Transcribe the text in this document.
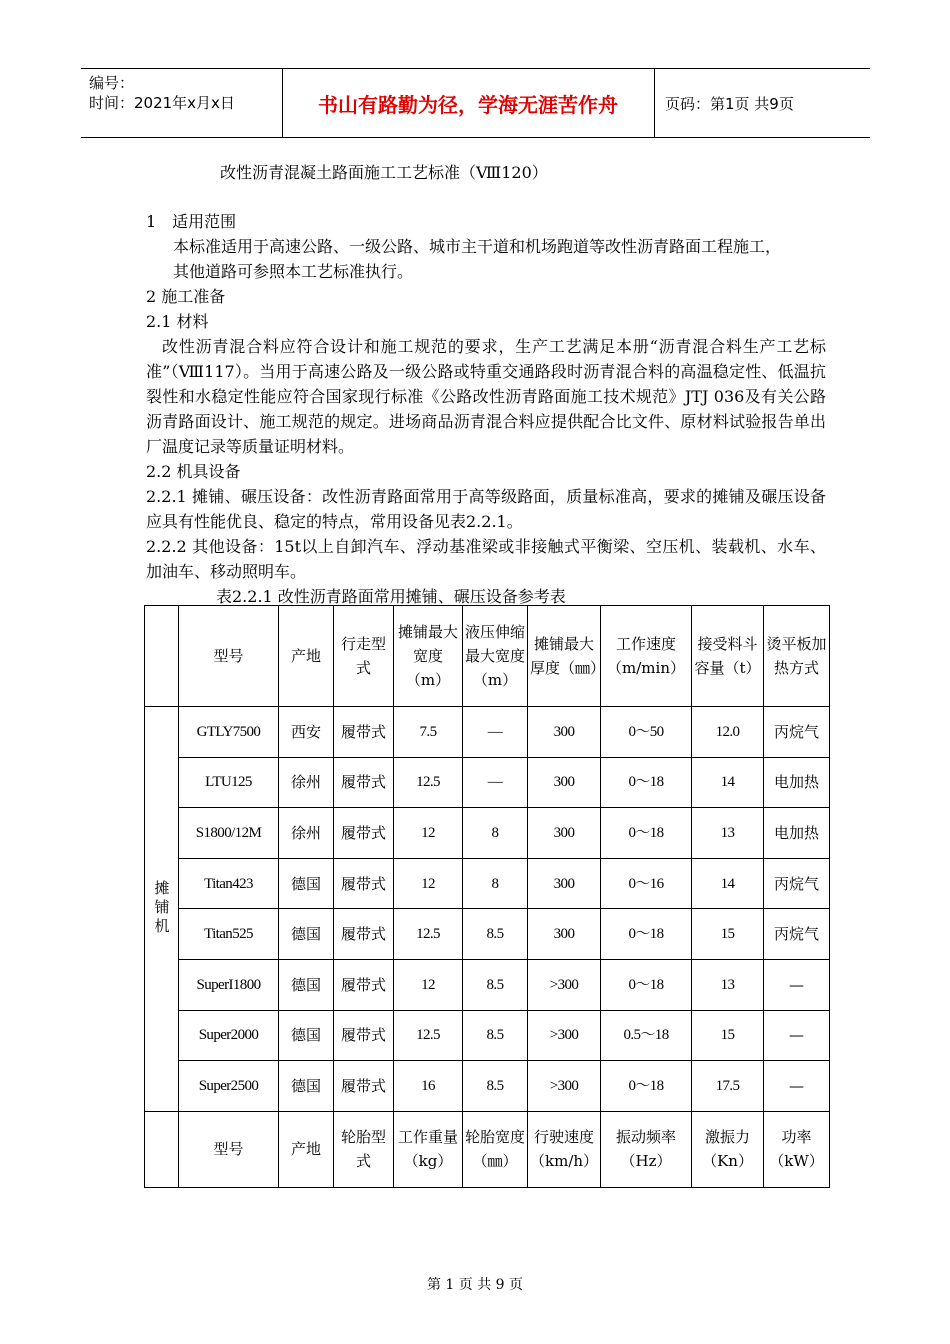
编号：
时间：2021年x月x日	书山有路勤为径，学海无涯苦作舟	页码：第1页 共9页
改性沥青混凝土路面施工工艺标准（Ⅷ120）

1　适用范围

本标准适用于高速公路、一级公路、城市主干道和机场跑道等改性沥青路面工程施工，

其他道路可参照本工艺标准执行。

2 施工准备

2.1 材料

改性沥青混合料应符合设计和施工规范的要求，生产工艺满足本册“沥青混合料生产工艺标准”（Ⅷ117）。当用于高速公路及一级公路或特重交通路段时沥青混合料的高温稳定性、低温抗裂性和水稳定性能应符合国家现行标准《公路改性沥青路面施工技术规范》JTJ 036及有关公路沥青路面设计、施工规范的规定。进场商品沥青混合料应提供配合比文件、原材料试验报告单出厂温度记录等质量证明材料。

2.2 机具设备

2.2.1 摊铺、碾压设备：改性沥青路面常用于高等级路面，质量标准高，要求的摊铺及碾压设备应具有性能优良、稳定的特点，常用设备见表2.2.1。

2.2.2 其他设备：15t以上自卸汽车、浮动基准梁或非接触式平衡梁、空压机、装载机、水车、加油车、移动照明车。

表2.2.1 改性沥青路面常用摊铺、碾压设备参考表
	型号	产地	行走型式	摊铺最大宽度（m）	液压伸缩最大宽度（m）	摊铺最大厚度（㎜）	工作速度（m/min）	接受料斗容量（t）	烫平板加热方式
摊铺机	GTLY7500	西安	履带式	7.5	—	300	0～50	12.0	丙烷气
	LTU125	徐州	履带式	12.5	—	300	0～18	14	电加热
	S1800/12M	徐州	履带式	12	8	300	0～18	13	电加热
	Titan423	德国	履带式	12	8	300	0～16	14	丙烷气
	Titan525	德国	履带式	12.5	8.5	300	0～18	15	丙烷气
	SuperI1800	德国	履带式	12	8.5	>300	0～18	13	—
	Super2000	德国	履带式	12.5	8.5	>300	0.5～18	15	—
	Super2500	德国	履带式	16	8.5	>300	0～18	17.5	—
	型号	产地	轮胎型式	工作重量（kg）	轮胎宽度（㎜）	行驶速度（km/h）	振动频率（Hz）	激振力（Kn）	功率（kW）
第 1 页 共 9 页
